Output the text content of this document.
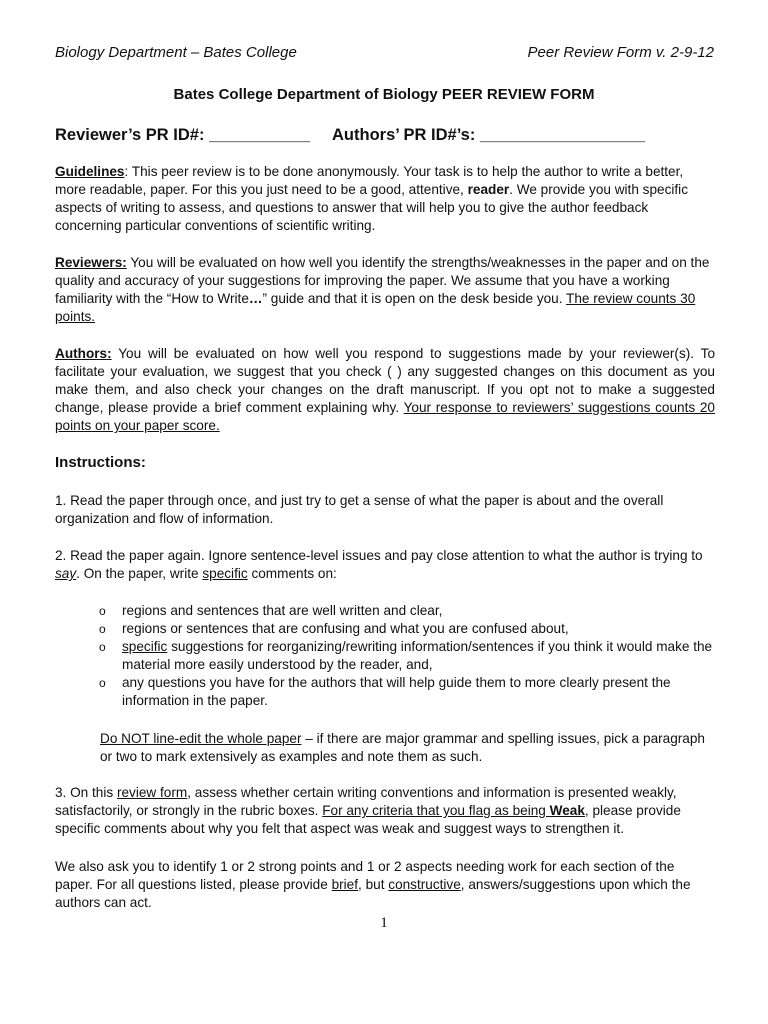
Biology Department – Bates College	Peer Review Form v. 2-9-12
Bates College Department of Biology PEER REVIEW FORM
Reviewer’s PR ID#: ___________ Authors’ PR ID#’s: __________________

Guidelines: This peer review is to be done anonymously. Your task is to help the author to write a better, more readable, paper. For this you just need to be a good, attentive, reader. We provide you with specific aspects of writing to assess, and questions to answer that will help you to give the author feedback concerning particular conventions of scientific writing.

Reviewers: You will be evaluated on how well you identify the strengths/weaknesses in the paper and on the quality and accuracy of your suggestions for improving the paper. We assume that you have a working familiarity with the “How to Write…” guide and that it is open on the desk beside you. The review counts 30 points.

Authors: You will be evaluated on how well you respond to suggestions made by your reviewer(s). To facilitate your evaluation, we suggest that you check ( ) any suggested changes on this document as you make them, and also check your changes on the draft manuscript. If you opt not to make a suggested change, please provide a brief comment explaining why. Your response to reviewers’ suggestions counts 20 points on your paper score.

Instructions:

1. Read the paper through once, and just try to get a sense of what the paper is about and the overall organization and flow of information.

2. Read the paper again. Ignore sentence-level issues and pay close attention to what the author is trying to say. On the paper, write specific comments on:

o regions and sentences that are well written and clear,
o regions or sentences that are confusing and what you are confused about,
o specific suggestions for reorganizing/rewriting information/sentences if you think it would make the material more easily understood by the reader, and,
o any questions you have for the authors that will help guide them to more clearly present the information in the paper.

Do NOT line-edit the whole paper – if there are major grammar and spelling issues, pick a paragraph or two to mark extensively as examples and note them as such.

3. On this review form, assess whether certain writing conventions and information is presented weakly, satisfactorily, or strongly in the rubric boxes. For any criteria that you flag as being Weak, please provide specific comments about why you felt that aspect was weak and suggest ways to strengthen it.

We also ask you to identify 1 or 2 strong points and 1 or 2 aspects needing work for each section of the paper. For all questions listed, please provide brief, but constructive, answers/suggestions upon which the authors can act.

1
